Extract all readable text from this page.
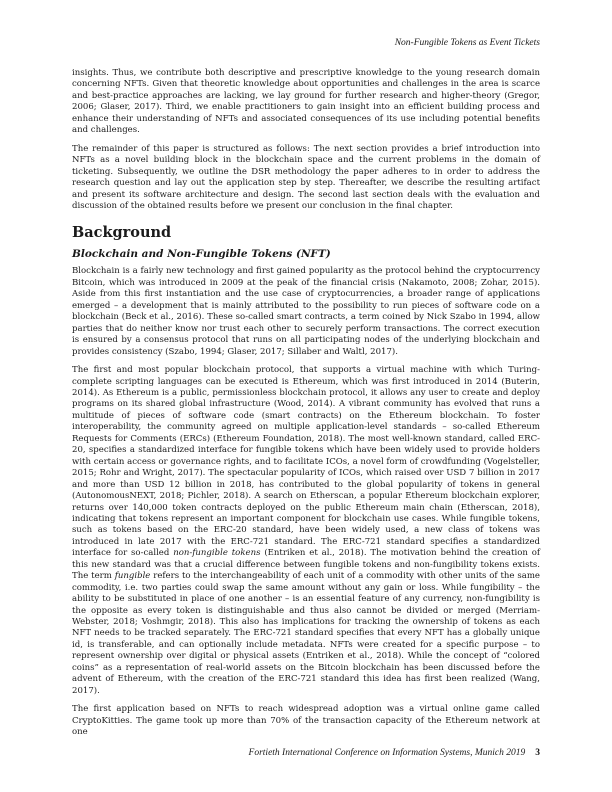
Non-Fungible Tokens as Event Tickets

insights. Thus, we contribute both descriptive and prescriptive knowledge to the young research domain concerning NFTs. Given that theoretic knowledge about opportunities and challenges in the area is scarce and best-practice approaches are lacking, we lay ground for further research and higher-theory (Gregor, 2006; Glaser, 2017). Third, we enable practitioners to gain insight into an efficient building process and enhance their understanding of NFTs and associated consequences of its use including potential benefits and challenges.

The remainder of this paper is structured as follows: The next section provides a brief introduction into NFTs as a novel building block in the blockchain space and the current problems in the domain of ticketing. Subsequently, we outline the DSR methodology the paper adheres to in order to address the research question and lay out the application step by step. Thereafter, we describe the resulting artifact and present its software architecture and design. The second last section deals with the evaluation and discussion of the obtained results before we present our conclusion in the final chapter.

Background
Blockchain and Non-Fungible Tokens (NFT)

Blockchain is a fairly new technology and first gained popularity as the protocol behind the cryptocurrency Bitcoin, which was introduced in 2009 at the peak of the financial crisis (Nakamoto, 2008; Zohar, 2015). Aside from this first instantiation and the use case of cryptocurrencies, a broader range of applications emerged – a development that is mainly attributed to the possibility to run pieces of software code on a blockchain (Beck et al., 2016). These so-called smart contracts, a term coined by Nick Szabo in 1994, allow parties that do neither know nor trust each other to securely perform transactions. The correct execution is ensured by a consensus protocol that runs on all participating nodes of the underlying blockchain and provides consistency (Szabo, 1994; Glaser, 2017; Sillaber and Waltl, 2017).

The first and most popular blockchain protocol, that supports a virtual machine with which Turing-complete scripting languages can be executed is Ethereum, which was first introduced in 2014 (Buterin, 2014). As Ethereum is a public, permissionless blockchain protocol, it allows any user to create and deploy programs on its shared global infrastructure (Wood, 2014). A vibrant community has evolved that runs a multitude of pieces of software code (smart contracts) on the Ethereum blockchain. To foster interoperability, the community agreed on multiple application-level standards – so-called Ethereum Requests for Comments (ERCs) (Ethereum Foundation, 2018). The most well-known standard, called ERC-20, specifies a standardized interface for fungible tokens which have been widely used to provide holders with certain access or governance rights, and to facilitate ICOs, a novel form of crowdfunding (Vogelsteller, 2015; Rohr and Wright, 2017). The spectacular popularity of ICOs, which raised over USD 7 billion in 2017 and more than USD 12 billion in 2018, has contributed to the global popularity of tokens in general (AutonomousNEXT, 2018; Pichler, 2018). A search on Etherscan, a popular Ethereum blockchain explorer, returns over 140,000 token contracts deployed on the public Ethereum main chain (Etherscan, 2018), indicating that tokens represent an important component for blockchain use cases. While fungible tokens, such as tokens based on the ERC-20 standard, have been widely used, a new class of tokens was introduced in late 2017 with the ERC-721 standard. The ERC-721 standard specifies a standardized interface for so-called non-fungible tokens (Entriken et al., 2018). The motivation behind the creation of this new standard was that a crucial difference between fungible tokens and non-fungibility tokens exists. The term fungible refers to the interchangeability of each unit of a commodity with other units of the same commodity, i.e. two parties could swap the same amount without any gain or loss. While fungibility – the ability to be substituted in place of one another – is an essential feature of any currency, non-fungibility is the opposite as every token is distinguishable and thus also cannot be divided or merged (Merriam-Webster, 2018; Voshmgir, 2018). This also has implications for tracking the ownership of tokens as each NFT needs to be tracked separately. The ERC-721 standard specifies that every NFT has a globally unique id, is transferable, and can optionally include metadata. NFTs were created for a specific purpose – to represent ownership over digital or physical assets (Entriken et al., 2018). While the concept of “colored coins” as a representation of real-world assets on the Bitcoin blockchain has been discussed before the advent of Ethereum, with the creation of the ERC-721 standard this idea has first been realized (Wang, 2017).

The first application based on NFTs to reach widespread adoption was a virtual online game called CryptoKitties. The game took up more than 70% of the transaction capacity of the Ethereum network at one

Fortieth International Conference on Information Systems, Munich 2019 3
